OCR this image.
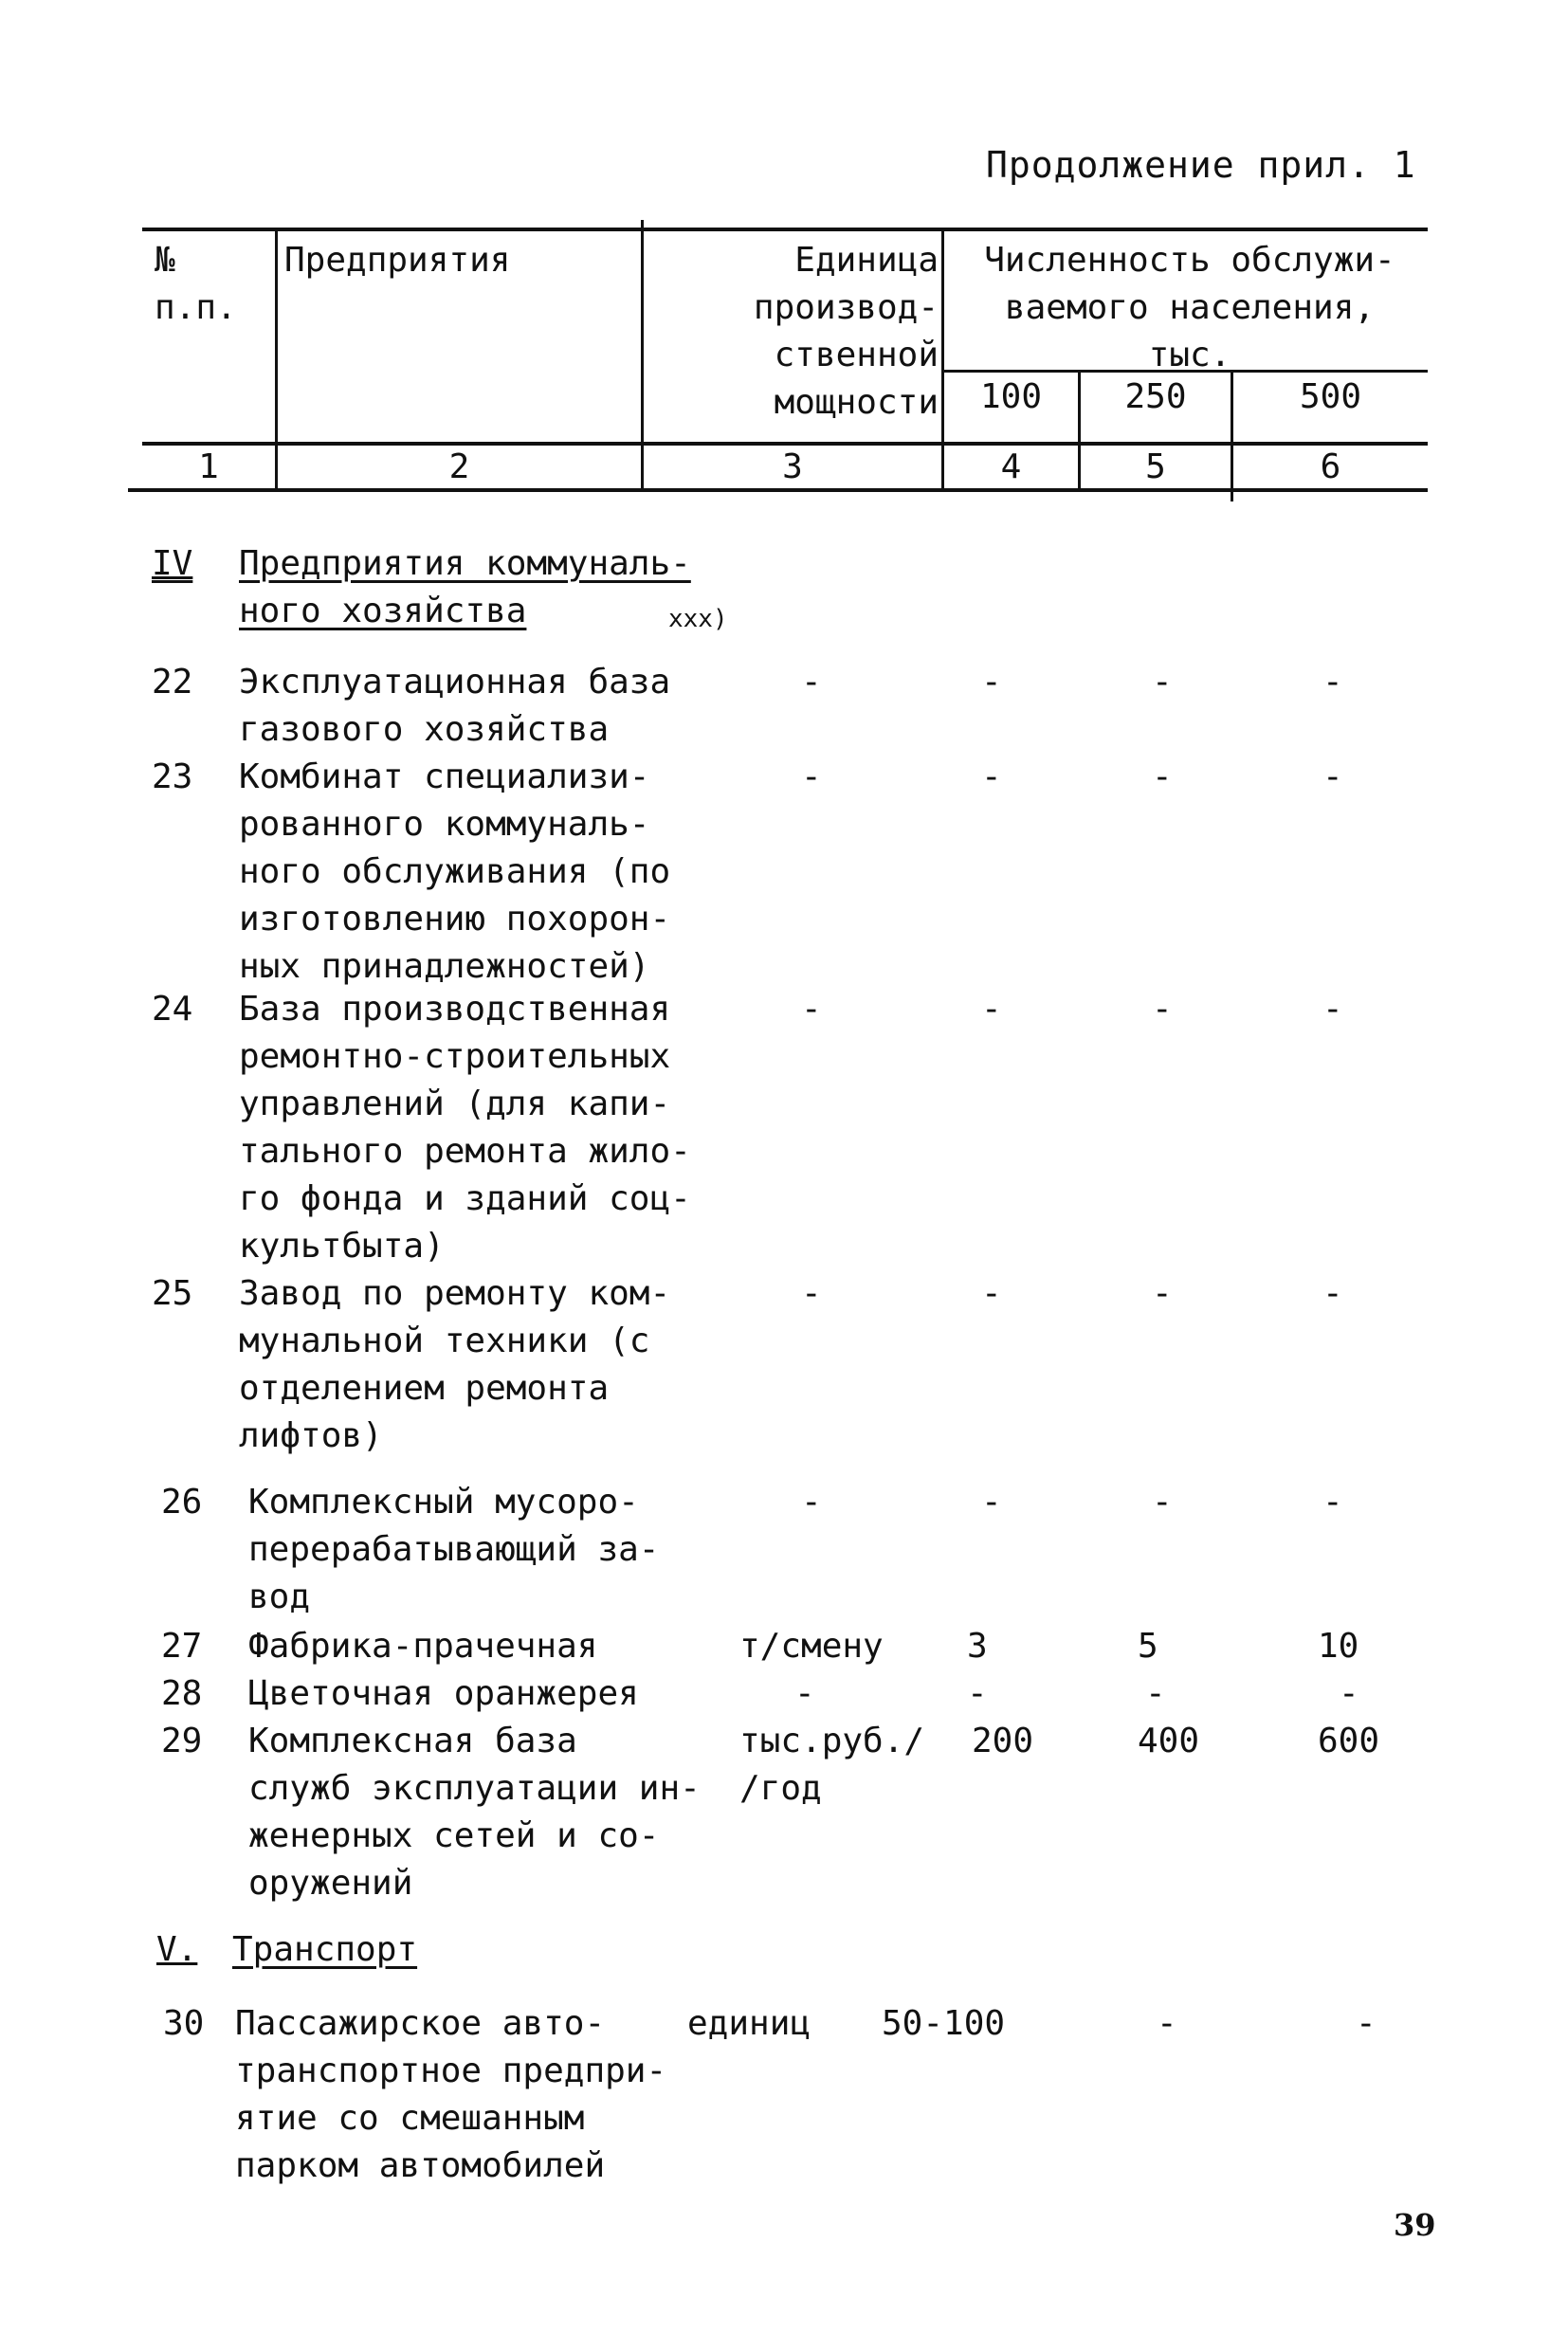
Продолжение прил. 1
№
п.п.
Предприятия	Единица
производ-
ственной
мощности
Численность обслужи-
ваемого населения,
тыс.
100	250	500
1	2	3	4	5	6
IV Предприятия коммуналь-
ного хозяйства	xxx)
22 Эксплуатационная база
газового хозяйства
-	-	-	-
23 Комбинат специализи-
рованного коммуналь-
ного обслуживания (по
изготовлению похорон-
ных принадлежностей)
-	-	-	-
24 База производственная
ремонтно-строительных
управлений (для капи-
тального ремонта жило-
го фонда и зданий соц-
культбыта)
-	-	-	-
25 Завод по ремонту ком-
мунальной техники (с
отделением ремонта
лифтов)
-	-	-	-
26 Комплексный мусоро-
перерабатывающий за-
вод
-	-	-	-
27 Фабрика-прачечная	т/смену	3	5	10
28 Цветочная оранжерея	-	-	-	-
29 Комплексная база
служб эксплуатации ин-
женерных сетей и со-
оружений
тыс.руб./
/год
200	400	600
V. Транспорт
30 Пассажирское авто-
транспортное предпри-
ятие со смешанным
парком автомобилей
единиц	50-100	-	-
39
